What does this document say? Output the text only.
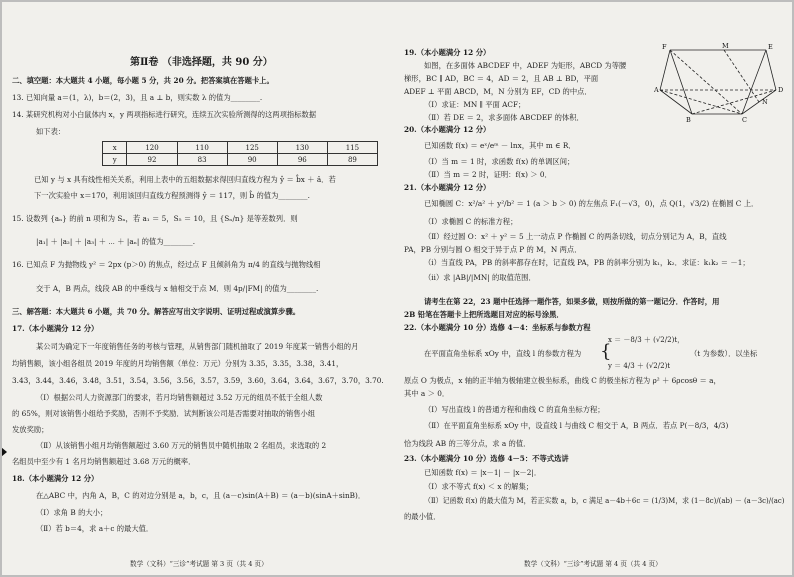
第Ⅱ卷 （非选择题，共 90 分）
二、填空题：本大题共 4 小题，每小题 5 分，共 20 分。把答案填在答题卡上。
13. 已知向量 a＝(1，λ)，b＝(2，3)，且 a ⊥ b，则实数 λ 的值为________.
14. 某研究机构对小白鼠体内 x，y 两项指标进行研究，连续五次实验所测得的这两项指标数据
如下表：
x	120	110	125	130	115
y	92	83	90	96	89
已知 y 与 x 具有线性相关关系，利用上表中的五组数据求得回归直线方程为 ŷ ＝ b̂x ＋ â．若
下一次实验中 x＝170，利用该回归直线方程预测得 ŷ ＝ 117，则 b̂ 的值为________.
15. 设数列 {aₙ} 的前 n 项和为 Sₙ，若 a₁ ＝ 5，S₅ ＝ 10，且 {Sₙ/n} 是等差数列．则
|a₁| ＋ |a₂| ＋ |a₃| ＋ ⋯ ＋ |aₙ| 的值为________.
16. 已知点 F 为抛物线 y² ＝ 2px (p＞0) 的焦点，经过点 F 且倾斜角为 π/4 的直线与抛物线相
交于 A，B 两点，线段 AB 的中垂线与 x 轴相交于点 M．则 4p/|FM| 的值为________.
三、解答题：本大题共 6 小题，共 70 分。解答应写出文字说明、证明过程或演算步骤。
17.（本小题满分 12 分）
某公司为确定下一年度销售任务的考核与管理，从销售部门随机抽取了 2019 年度某一销售小组的月
均销售额，该小组各组员 2019 年度的月均销售额（单位：万元）分别为 3.35，3.35，3.38，3.41，
3.43，3.44，3.46，3.48，3.51，3.54，3.56，3.56，3.57，3.59，3.60，3.64，3.64，3.67，3.70，3.70.
（Ⅰ）根据公司人力资源部门的要求，若月均销售额超过 3.52 万元的组员不低于全组人数
的 65%，则对该销售小组给予奖励，否则不予奖励．试判断该公司是否需要对抽取的销售小组
发放奖励；
（Ⅱ）从该销售小组月均销售额超过 3.60 万元的销售员中随机抽取 2 名组员，求选取的 2
名组员中至少有 1 名月均销售额超过 3.68 万元的概率．
18.（本小题满分 12 分）
在△ABC 中，内角 A，B，C 的对边分别是 a，b，c，且 (a－c)sin(A＋B) ＝ (a－b)(sinA＋sinB)．
（Ⅰ）求角 B 的大小；
（Ⅱ）若 b＝4，求 a＋c 的最大值．
数学（文科）“三诊”考试题 第 3 页（共 4 页）
19.（本小题满分 12 分）
如图，在多面体 ABCDEF 中，ADEF 为矩形，ABCD 为等腰
梯形，BC ∥ AD，BC ＝ 4，AD ＝ 2，且 AB ⊥ BD，平面
ADEF ⊥ 平面 ABCD，M，N 分别为 EF，CD 的中点．
（Ⅰ）求证：MN ∥ 平面 ACF；
（Ⅱ）若 DE ＝ 2，求多面体 ABCDEF 的体积．
F	M	E
A	D
N
B	C
20.（本小题满分 12 分）
已知函数 f(x) ＝ eˣ/eᵐ － lnx，其中 m ∈ R．
（Ⅰ）当 m ＝ 1 时，求函数 f(x) 的单调区间；
（Ⅱ）当 m ＝ 2 时，证明：f(x) ＞ 0．
21.（本小题满分 12 分）
已知椭圆 C：x²/a² ＋ y²/b² ＝ 1 (a ＞ b ＞ 0) 的左焦点 F₁(－√3，0)，点 Q(1，√3/2) 在椭圆 C 上．
（Ⅰ）求椭圆 C 的标准方程；
（Ⅱ）经过圆 O：x² ＋ y² ＝ 5 上一动点 P 作椭圆 C 的两条切线，切点分别记为 A，B，直线
PA，PB 分别与圆 O 相交于异于点 P 的 M，N 两点．
（ⅰ）当直线 PA，PB 的斜率都存在时，记直线 PA，PB 的斜率分别为 k₁，k₂．求证：k₁k₂ ＝ －1；
（ⅱ）求 |AB|/|MN| 的取值范围．
请考生在第 22，23 题中任选择一题作答，如果多做，则按所做的第一题记分．作答时，用
2B 铅笔在答题卡上把所选题目对应的标号涂黑．
22.（本小题满分 10 分）选修 4－4：坐标系与参数方程
x ＝ －8/3 ＋ (√2/2)t，
在平面直角坐标系 xOy 中，直线 l 的参数方程为 {
y ＝ 4/3 ＋ (√2/2)t
（t 为参数）．以坐标
原点 O 为极点，x 轴的正半轴为极轴建立极坐标系，曲线 C 的极坐标方程为 ρ² ＋ 6ρcosθ ＝ a，
其中 a ＞ 0．
（Ⅰ）写出直线 l 的普通方程和曲线 C 的直角坐标方程；
（Ⅱ）在平面直角坐标系 xOy 中，设直线 l 与曲线 C 相交于 A，B 两点．若点 P(－8/3，4/3)
恰为线段 AB 的三等分点，求 a 的值．
23.（本小题满分 10 分）选修 4－5：不等式选讲
已知函数 f(x) ＝ |x－1| － |x－2|．
（Ⅰ）求不等式 f(x) ＜ x 的解集；
（Ⅱ）记函数 f(x) 的最大值为 M，若正实数 a，b，c 满足 a－4b＋6c ＝ (1/3)M，求 (1－8c)/(ab) － (a－3c)/(ac)
的最小值．
数学（文科）“三诊”考试题 第 4 页（共 4 页）
